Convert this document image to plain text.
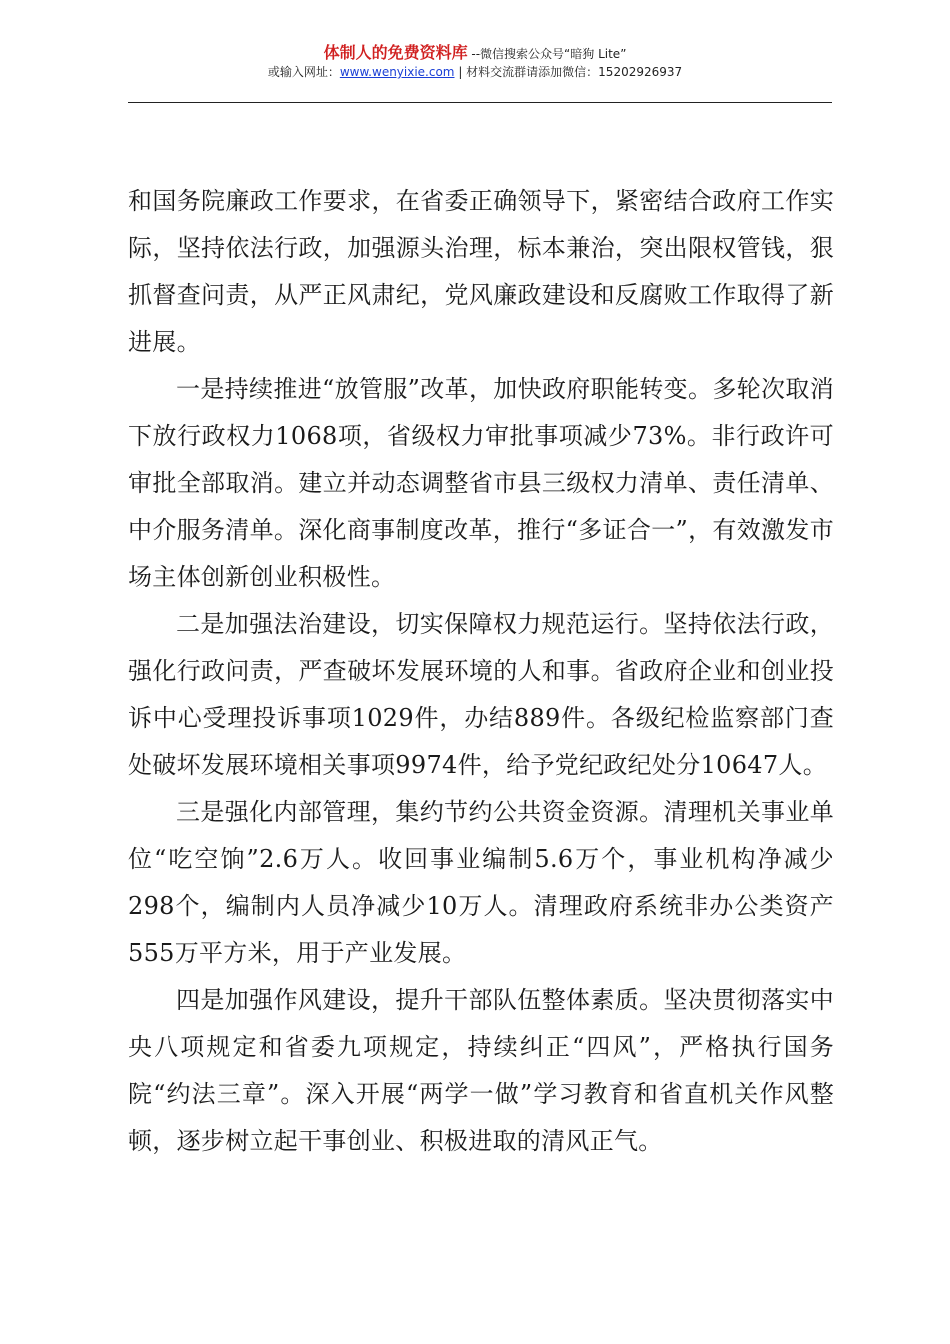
体制人的免费资料库 --微信搜索公众号“暗狗 Lite”
或输入网址：www.wenyixie.com | 材料交流群请添加微信：15202926937

和国务院廉政工作要求，在省委正确领导下，紧密结合政府工作实际，坚持依法行政，加强源头治理，标本兼治，突出限权管钱，狠抓督查问责，从严正风肃纪，党风廉政建设和反腐败工作取得了新进展。

一是持续推进“放管服”改革，加快政府职能转变。多轮次取消下放行政权力1068项，省级权力审批事项减少73%。非行政许可审批全部取消。建立并动态调整省市县三级权力清单、责任清单、中介服务清单。深化商事制度改革，推行“多证合一”，有效激发市场主体创新创业积极性。

二是加强法治建设，切实保障权力规范运行。坚持依法行政，强化行政问责，严查破坏发展环境的人和事。省政府企业和创业投诉中心受理投诉事项1029件，办结889件。各级纪检监察部门查处破坏发展环境相关事项9974件，给予党纪政纪处分10647人。

三是强化内部管理，集约节约公共资金资源。清理机关事业单位“吃空饷”2.6万人。收回事业编制5.6万个，事业机构净减少298个，编制内人员净减少10万人。清理政府系统非办公类资产555万平方米，用于产业发展。

四是加强作风建设，提升干部队伍整体素质。坚决贯彻落实中央八项规定和省委九项规定，持续纠正“四风”，严格执行国务院“约法三章”。深入开展“两学一做”学习教育和省直机关作风整顿，逐步树立起干事创业、积极进取的清风正气。
